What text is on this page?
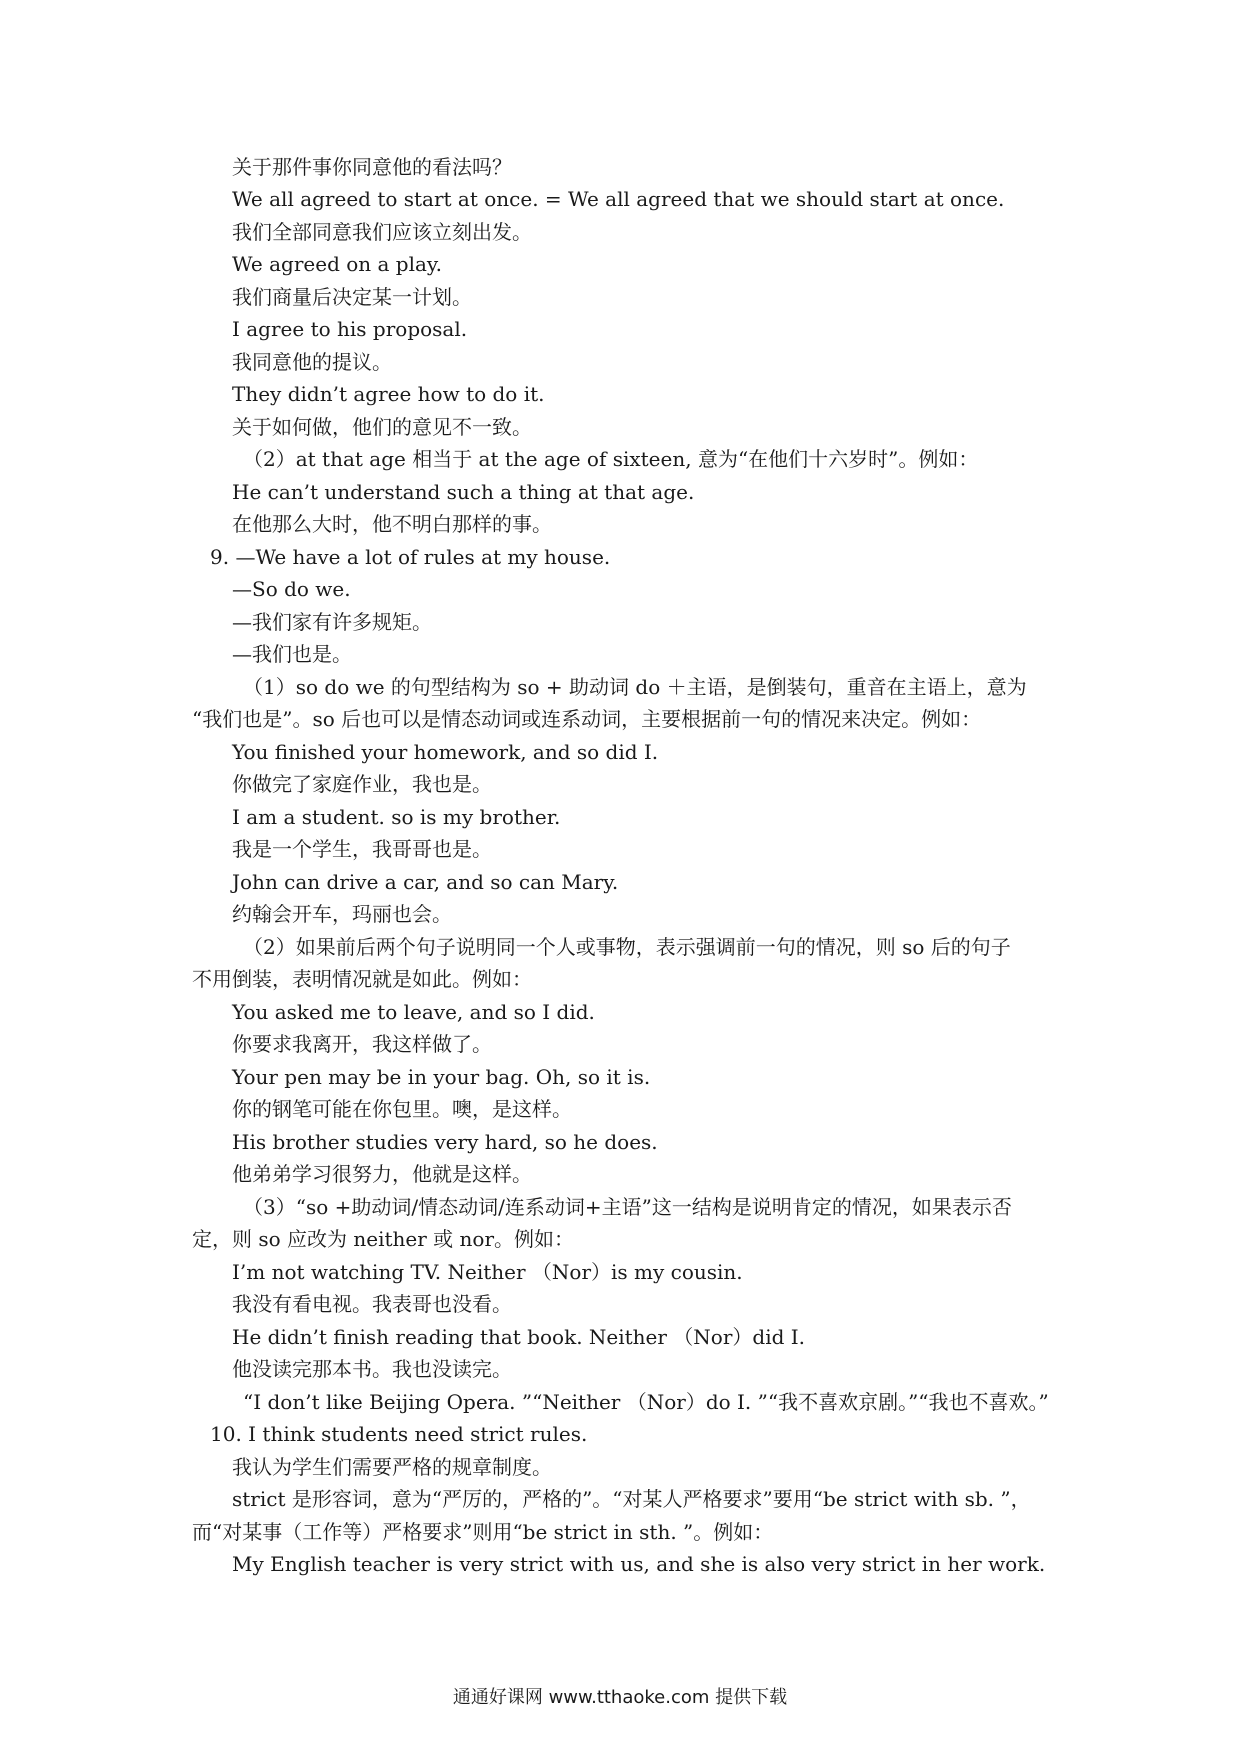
关于那件事你同意他的看法吗？
We all agreed to start at once. = We all agreed that we should start at once.
我们全部同意我们应该立刻出发。
We agreed on a play.
我们商量后决定某一计划。
I agree to his proposal.
我同意他的提议。
They didn’t agree how to do it.
关于如何做，他们的意见不一致。
（2）at that age 相当于 at the age of sixteen, 意为“在他们十六岁时”。例如：
He can’t understand such a thing at that age.
在他那么大时，他不明白那样的事。
9. —We have a lot of rules at my house.
—So do we.
—我们家有许多规矩。
—我们也是。
（1）so do we 的句型结构为 so + 助动词 do ＋主语，是倒装句，重音在主语上，意为
“我们也是”。so 后也可以是情态动词或连系动词，主要根据前一句的情况来决定。例如：
You finished your homework, and so did I.
你做完了家庭作业，我也是。
I am a student. so is my brother.
我是一个学生，我哥哥也是。
John can drive a car, and so can Mary.
约翰会开车，玛丽也会。
（2）如果前后两个句子说明同一个人或事物，表示强调前一句的情况，则 so 后的句子
不用倒装，表明情况就是如此。例如：
You asked me to leave, and so I did.
你要求我离开，我这样做了。
Your pen may be in your bag. Oh, so it is.
你的钢笔可能在你包里。噢，是这样。
His brother studies very hard, so he does.
他弟弟学习很努力，他就是这样。
（3）“so +助动词/情态动词/连系动词+主语”这一结构是说明肯定的情况，如果表示否
定，则 so 应改为 neither 或 nor。例如：
I’m not watching TV. Neither （Nor）is my cousin.
我没有看电视。我表哥也没看。
He didn’t finish reading that book. Neither （Nor）did I.
他没读完那本书。我也没读完。
“I don’t like Beijing Opera. ”“Neither （Nor）do I. ”“我不喜欢京剧。”“我也不喜欢。”
10. I think students need strict rules.
我认为学生们需要严格的规章制度。
strict 是形容词，意为“严厉的，严格的”。“对某人严格要求”要用“be strict with sb. ”，
而“对某事（工作等）严格要求”则用“be strict in sth. ”。例如：
My English teacher is very strict with us, and she is also very strict in her work.
通通好课网 www.tthaoke.com 提供下载
